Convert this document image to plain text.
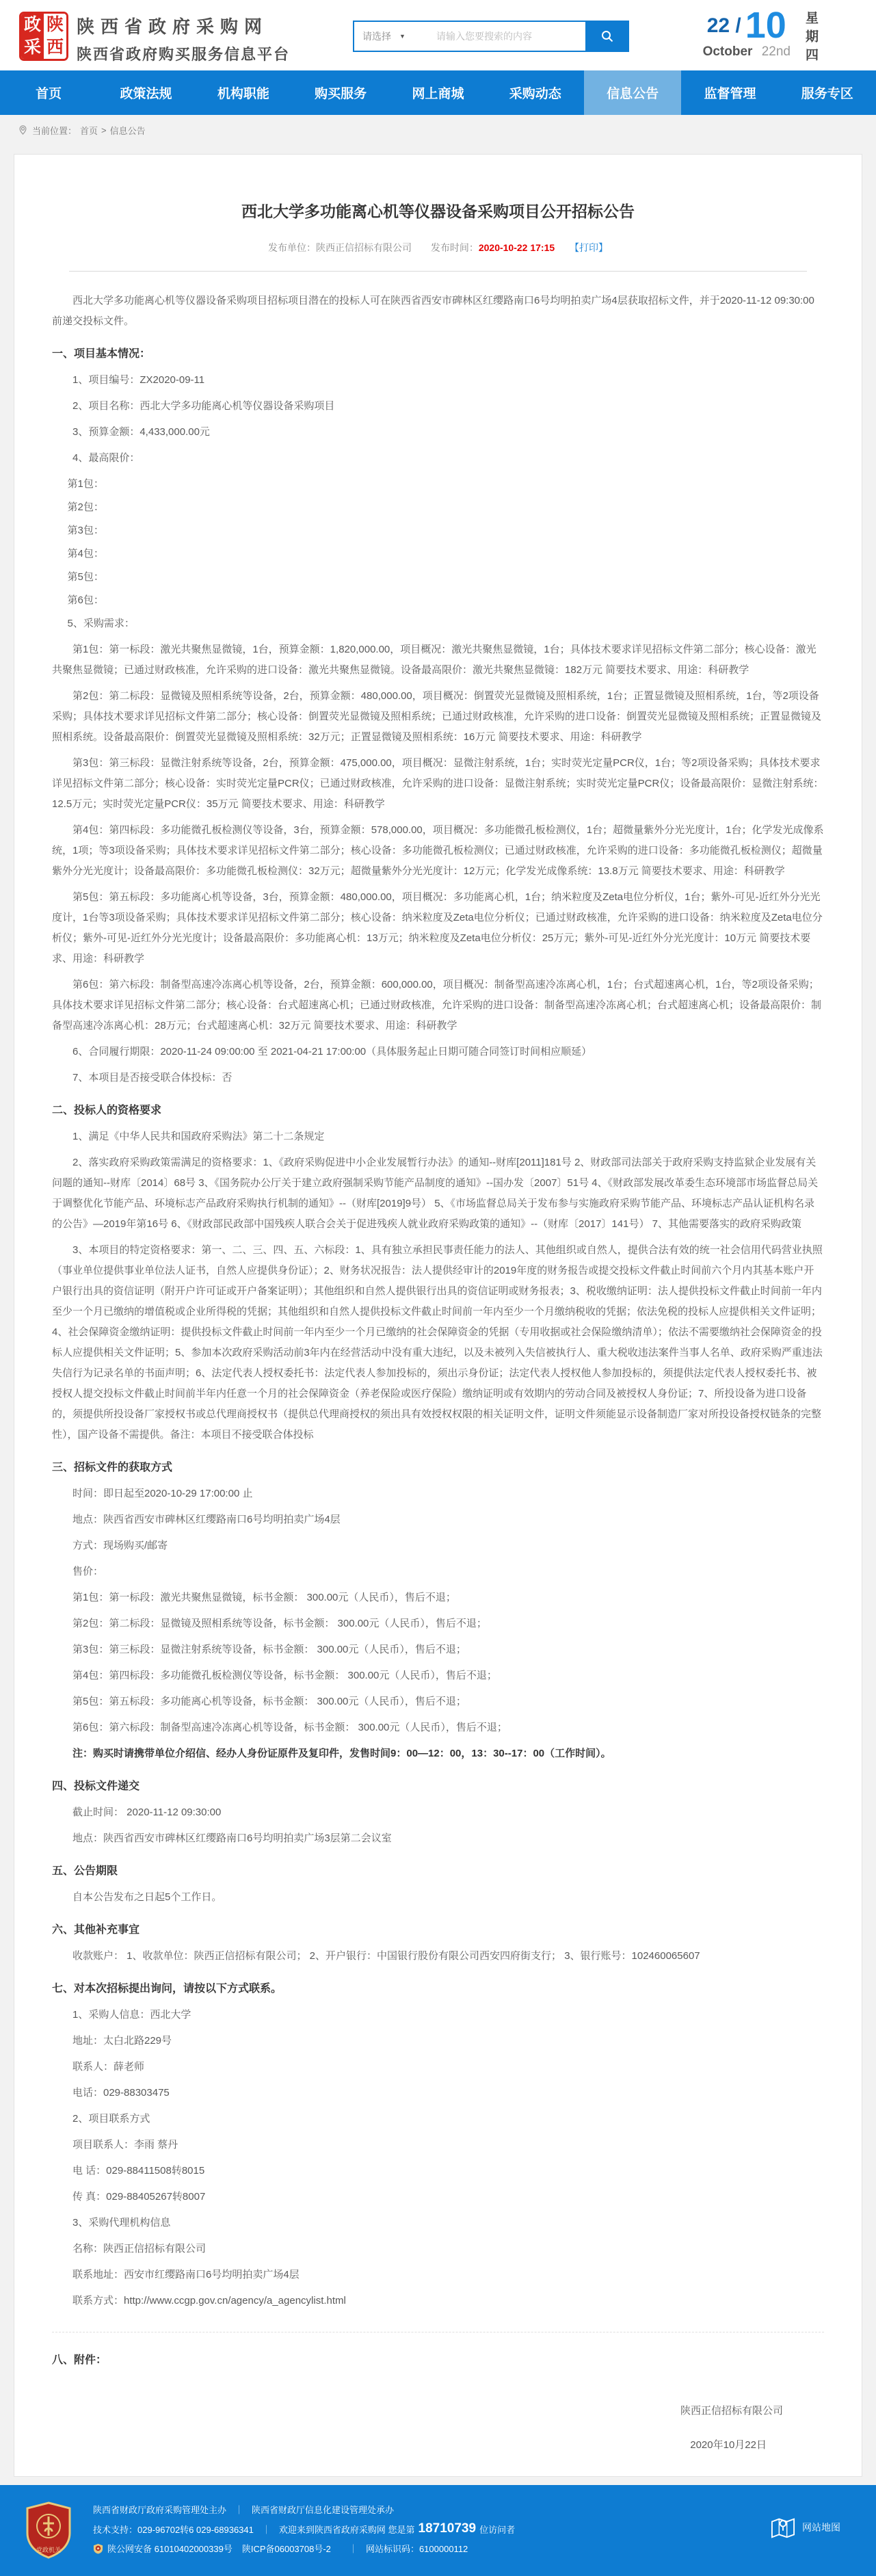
政 陕
采 西
陕西省政府采购网
陕西省政府购买服务信息平台
请选择 ▼
请输入您要搜索的内容	22 / 10
October 22nd 星期四
首页	政策法规	机构职能	购买服务	网上商城	采购动态	信息公告	监督管理	服务专区
当前位置： 首页 > 信息公告
西北大学多功能离心机等仪器设备采购项目公开招标公告
发布单位：陕西正信招标有限公司 发布时间：2020-10-22 17:15 【打印】

西北大学多功能离心机等仪器设备采购项目招标项目潜在的投标人可在陕西省西安市碑林区红缨路南口6号均明拍卖广场4层获取招标文件，并于2020-11-12 09:30:00前递交投标文件。

一、项目基本情况：

1、项目编号：ZX2020-09-11

2、项目名称：西北大学多功能离心机等仪器设备采购项目

3、预算金额：4,433,000.00元

4、最高限价：

第1包：

第2包：

第3包：

第4包：

第5包：

第6包：

5、采购需求：

第1包：第一标段：激光共聚焦显微镜，1台，预算金额：1,820,000.00，项目概况：激光共聚焦显微镜，1台；具体技术要求详见招标文件第二部分；核心设备：激光共聚焦显微镜；已通过财政核准，允许采购的进口设备：激光共聚焦显微镜。设备最高限价：激光共聚焦显微镜：182万元 简要技术要求、用途：科研教学

第2包：第二标段：显微镜及照相系统等设备，2台，预算金额：480,000.00，项目概况：倒置荧光显微镜及照相系统，1台；正置显微镜及照相系统，1台，等2项设备采购；具体技术要求详见招标文件第二部分；核心设备：倒置荧光显微镜及照相系统；已通过财政核准，允许采购的进口设备：倒置荧光显微镜及照相系统；正置显微镜及照相系统。设备最高限价：倒置荧光显微镜及照相系统：32万元；正置显微镜及照相系统：16万元 简要技术要求、用途：科研教学

第3包：第三标段：显微注射系统等设备，2台，预算金额：475,000.00，项目概况：显微注射系统，1台；实时荧光定量PCR仪，1台；等2项设备采购；具体技术要求详见招标文件第二部分；核心设备：实时荧光定量PCR仪；已通过财政核准，允许采购的进口设备：显微注射系统；实时荧光定量PCR仪；设备最高限价：显微注射系统：12.5万元；实时荧光定量PCR仪：35万元 简要技术要求、用途：科研教学

第4包：第四标段：多功能微孔板检测仪等设备，3台，预算金额：578,000.00，项目概况：多功能微孔板检测仪，1台；超微量紫外分光光度计，1台；化学发光成像系统，1项；等3项设备采购；具体技术要求详见招标文件第二部分；核心设备：多功能微孔板检测仪；已通过财政核准，允许采购的进口设备：多功能微孔板检测仪；超微量紫外分光光度计；设备最高限价：多功能微孔板检测仪：32万元；超微量紫外分光光度计：12万元；化学发光成像系统：13.8万元 简要技术要求、用途：科研教学

第5包：第五标段：多功能离心机等设备，3台，预算金额：480,000.00，项目概况：多功能离心机，1台；纳米粒度及Zeta电位分析仪，1台；紫外-可见-近红外分光光度计，1台等3项设备采购；具体技术要求详见招标文件第二部分；核心设备：纳米粒度及Zeta电位分析仪；已通过财政核准，允许采购的进口设备：纳米粒度及Zeta电位分析仪；紫外-可见-近红外分光光度计；设备最高限价：多功能离心机：13万元；纳米粒度及Zeta电位分析仪：25万元；紫外-可见-近红外分光光度计：10万元 简要技术要求、用途：科研教学

第6包：第六标段：制备型高速冷冻离心机等设备，2台，预算金额：600,000.00，项目概况：制备型高速冷冻离心机，1台；台式超速离心机，1台，等2项设备采购；具体技术要求详见招标文件第二部分；核心设备：台式超速离心机；已通过财政核准，允许采购的进口设备：制备型高速冷冻离心机；台式超速离心机；设备最高限价：制备型高速冷冻离心机：28万元；台式超速离心机：32万元 简要技术要求、用途：科研教学

6、合同履行期限：2020-11-24 09:00:00 至 2021-04-21 17:00:00（具体服务起止日期可随合同签订时间相应顺延）

7、本项目是否接受联合体投标：否

二、投标人的资格要求

1、满足《中华人民共和国政府采购法》第二十二条规定

2、落实政府采购政策需满足的资格要求：1、《政府采购促进中小企业发展暂行办法》的通知--财库[2011]181号 2、财政部司法部关于政府采购支持监狱企业发展有关问题的通知--财库〔2014〕68号 3、《国务院办公厅关于建立政府强制采购节能产品制度的通知》--国办发〔2007〕51号 4、《财政部发展改革委生态环境部市场监督总局关于调整优化节能产品、环境标志产品政府采购执行机制的通知》--（财库[2019]9号） 5、《市场监督总局关于发布参与实施政府采购节能产品、环境标志产品认证机构名录的公告》—2019年第16号 6、《财政部民政部中国残疾人联合会关于促进残疾人就业政府采购政策的通知》--（财库〔2017〕141号） 7、其他需要落实的政府采购政策

3、本项目的特定资格要求：第一、二、三、四、五、六标段：1、具有独立承担民事责任能力的法人、其他组织或自然人，提供合法有效的统一社会信用代码营业执照（事业单位提供事业单位法人证书，自然人应提供身份证）；2、财务状况报告：法人提供经审计的2019年度的财务报告或提交投标文件截止时间前六个月内其基本账户开户银行出具的资信证明（附开户许可证或开户备案证明）；其他组织和自然人提供银行出具的资信证明或财务报表；3、税收缴纳证明：法人提供投标文件截止时间前一年内至少一个月已缴纳的增值税或企业所得税的凭据；其他组织和自然人提供投标文件截止时间前一年内至少一个月缴纳税收的凭据；依法免税的投标人应提供相关文件证明；4、社会保障资金缴纳证明：提供投标文件截止时间前一年内至少一个月已缴纳的社会保障资金的凭据（专用收据或社会保险缴纳清单）；依法不需要缴纳社会保障资金的投标人应提供相关文件证明；5、参加本次政府采购活动前3年内在经营活动中没有重大违纪，以及未被列入失信被执行人、重大税收违法案件当事人名单、政府采购严重违法失信行为记录名单的书面声明；6、法定代表人授权委托书：法定代表人参加投标的，须出示身份证；法定代表人授权他人参加投标的，须提供法定代表人授权委托书、被授权人提交投标文件截止时间前半年内任意一个月的社会保障资金（养老保险或医疗保险）缴纳证明或有效期内的劳动合同及被授权人身份证；7、所投设备为进口设备的，须提供所投设备厂家授权书或总代理商授权书（提供总代理商授权的须出具有效授权权限的相关证明文件，证明文件须能显示设备制造厂家对所投设备授权链条的完整性），国产设备不需提供。备注：本项目不接受联合体投标

三、招标文件的获取方式

时间：即日起至2020-10-29 17:00:00 止

地点：陕西省西安市碑林区红缨路南口6号均明拍卖广场4层

方式：现场购买/邮寄

售价：

第1包：第一标段：激光共聚焦显微镜，标书金额： 300.00元（人民币），售后不退；

第2包：第二标段：显微镜及照相系统等设备，标书金额： 300.00元（人民币），售后不退；

第3包：第三标段：显微注射系统等设备，标书金额： 300.00元（人民币），售后不退；

第4包：第四标段：多功能微孔板检测仪等设备，标书金额： 300.00元（人民币），售后不退；

第5包：第五标段：多功能离心机等设备，标书金额： 300.00元（人民币），售后不退；

第6包：第六标段：制备型高速冷冻离心机等设备，标书金额： 300.00元（人民币），售后不退；

注：购买时请携带单位介绍信、经办人身份证原件及复印件，发售时间9：00—12：00，13：30--17：00（工作时间）。

四、投标文件递交

截止时间： 2020-11-12 09:30:00

地点：陕西省西安市碑林区红缨路南口6号均明拍卖广场3层第二会议室

五、公告期限

自本公告发布之日起5个工作日。

六、其他补充事宜

收款账户： 1、收款单位：陕西正信招标有限公司； 2、开户银行：中国银行股份有限公司西安四府街支行； 3、银行账号：102460065607

七、对本次招标提出询问，请按以下方式联系。

1、采购人信息：西北大学

地址：太白北路229号

联系人：薛老师

电话：029-88303475

2、项目联系方式

项目联系人：李雨 蔡丹

电 话：029-88411508转8015

传 真：029-88405267转8007

3、采购代理机构信息

名称：陕西正信招标有限公司

联系地址：西安市红缨路南口6号均明拍卖广场4层

联系方式：http://www.ccgp.gov.cn/agency/a_agencylist.html

八、附件：

陕西正信招标有限公司

2020年10月22日

党政机关
陕西省财政厅政府采购管理处主办 ｜ 陕西省财政厅信息化建设管理处承办
技术支持：029-96702转6 029-68936341 ｜ 欢迎来到陕西省政府采购网 您是第 18710739 位访问者
陕公网安备 61010402000339号 陕ICP备06003708号-2 ｜ 网站标识码：6100000112
网站地图
